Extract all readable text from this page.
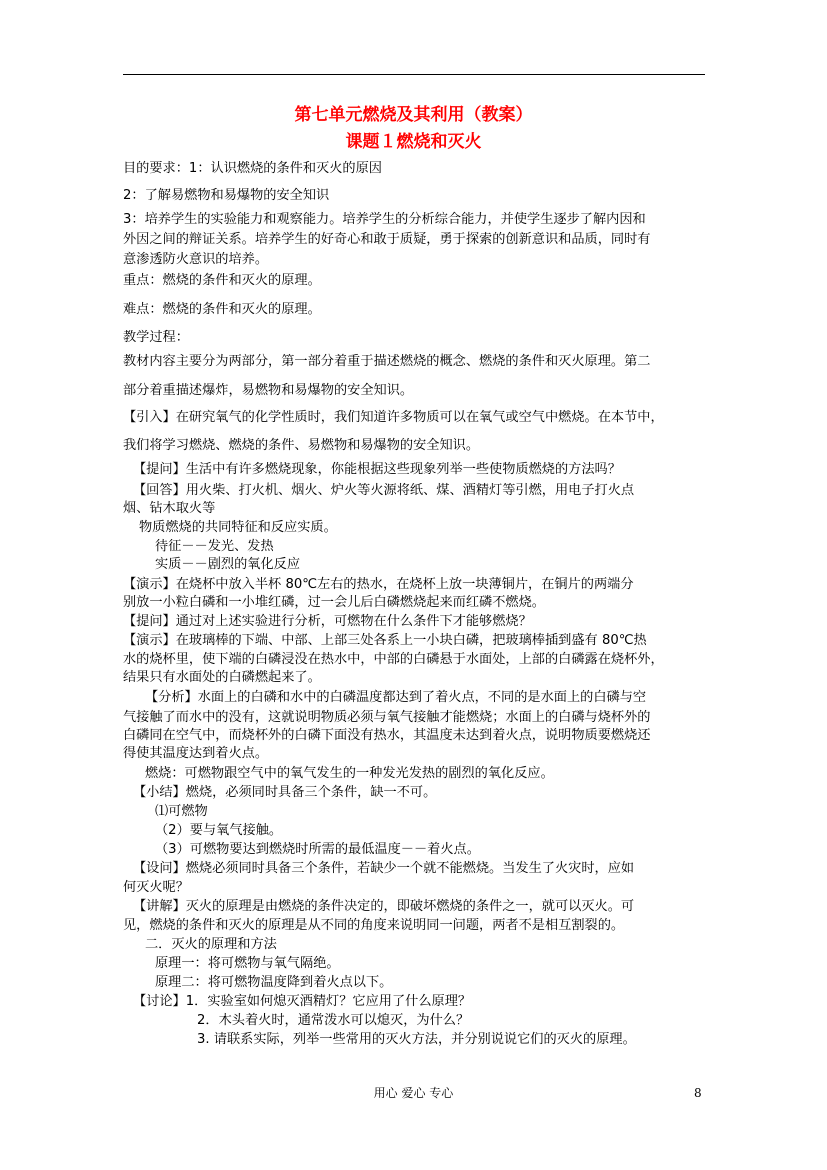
第七单元燃烧及其利用（教案）
课题１燃烧和灭火
目的要求：1：认识燃烧的条件和灭火的原因
2：了解易燃物和易爆物的安全知识
3：培养学生的实验能力和观察能力。培养学生的分析综合能力，并使学生逐步了解内因和
外因之间的辩证关系。培养学生的好奇心和敢于质疑，勇于探索的创新意识和品质，同时有
意渗透防火意识的培养。
重点：燃烧的条件和灭火的原理。
难点：燃烧的条件和灭火的原理。
教学过程：
教材内容主要分为两部分，第一部分着重于描述燃烧的概念、燃烧的条件和灭火原理。第二
部分着重描述爆炸，易燃物和易爆物的安全知识。
【引入】在研究氧气的化学性质时，我们知道许多物质可以在氧气或空气中燃烧。在本节中，
我们将学习燃烧、燃烧的条件、易燃物和易爆物的安全知识。
【提问】生活中有许多燃烧现象，你能根据这些现象列举一些使物质燃烧的方法吗？
【回答】用火柴、打火机、烟火、炉火等火源将纸、煤、酒精灯等引燃，用电子打火点
烟、钻木取火等
物质燃烧的共同特征和反应实质。
待征－－发光、发热
实质－－剧烈的氧化反应
【演示】在烧杯中放入半杯 80℃左右的热水，在烧杯上放一块薄铜片，在铜片的两端分
别放一小粒白磷和一小堆红磷，过一会儿后白磷燃烧起来而红磷不燃烧。
【提问】通过对上述实验进行分析，可燃物在什么条件下才能够燃烧？
【演示】在玻璃棒的下端、中部、上部三处各系上一小块白磷，把玻璃棒插到盛有 80℃热
水的烧杯里，使下端的白磷浸没在热水中，中部的白磷悬于水面处，上部的白磷露在烧杯外，
结果只有水面处的白磷燃起来了。
【分析】水面上的白磷和水中的白磷温度都达到了着火点，不同的是水面上的白磷与空
气接触了而水中的没有，这就说明物质必须与氧气接触才能燃烧；水面上的白磷与烧杯外的
白磷同在空气中，而烧杯外的白磷下面没有热水，其温度未达到着火点，说明物质要燃烧还
得使其温度达到着火点。
燃烧：可燃物跟空气中的氧气发生的一种发光发热的剧烈的氧化反应。
【小结】燃烧，必须同时具备三个条件，缺一不可。
⑴可燃物
（2）要与氧气接触。
（3）可燃物要达到燃烧时所需的最低温度－－着火点。
【设问】燃烧必须同时具备三个条件，若缺少一个就不能燃烧。当发生了火灾时，应如
何灭火呢？
【讲解】灭火的原理是由燃烧的条件决定的，即破坏燃烧的条件之一，就可以灭火。可
见，燃烧的条件和灭火的原理是从不同的角度来说明同一问题，两者不是相互割裂的。
二．灭火的原理和方法
原理一：将可燃物与氧气隔绝。
原理二：将可燃物温度降到着火点以下。
【讨论】1．实验室如何熄灭酒精灯？它应用了什么原理？
2．木头着火时，通常泼水可以熄灭，为什么？
3. 请联系实际，列举一些常用的灭火方法，并分别说说它们的灭火的原理。
用心 爱心 专心	8
